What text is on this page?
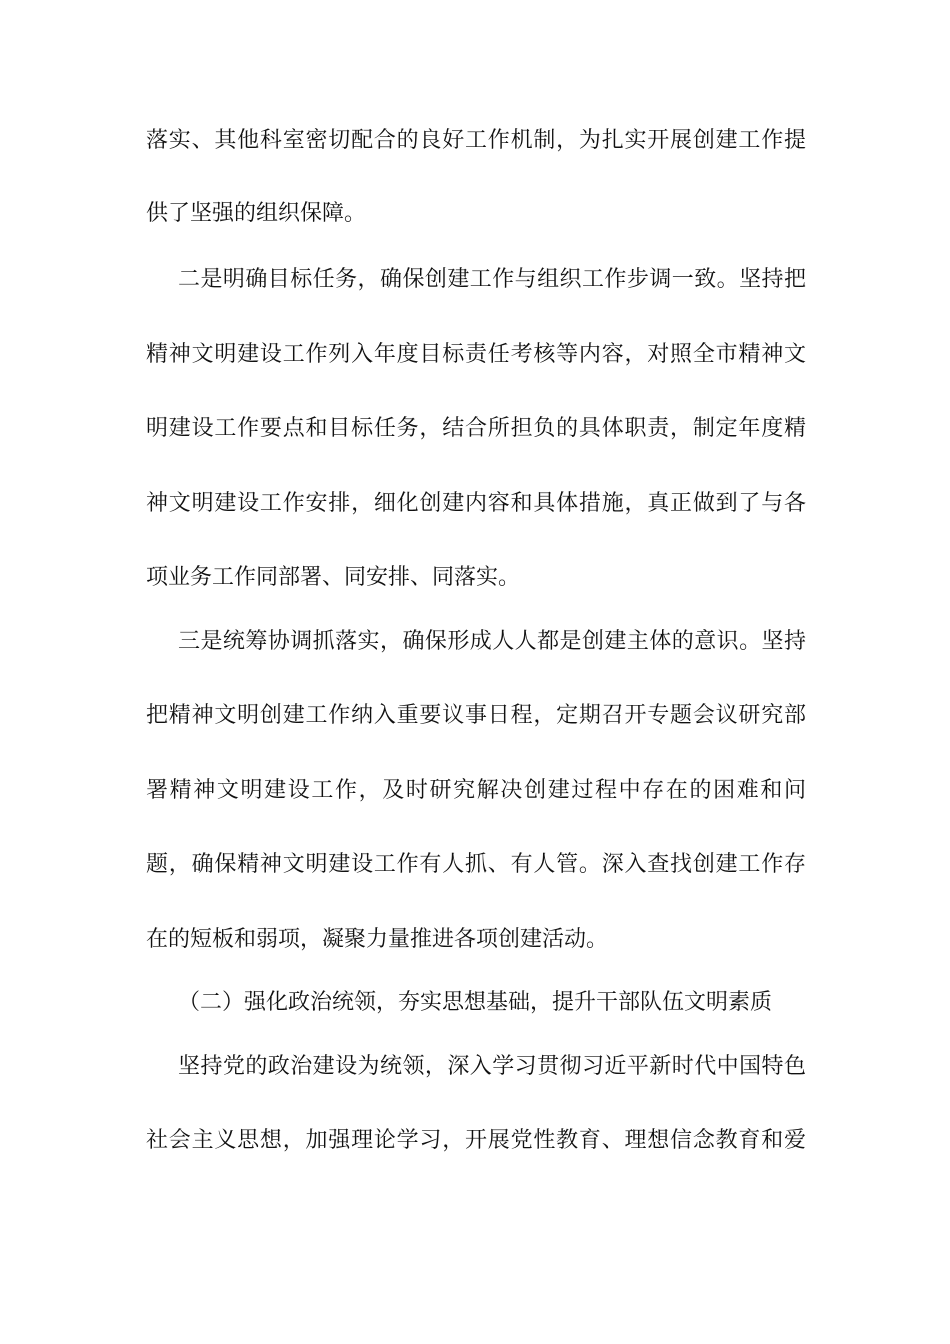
落实、其他科室密切配合的良好工作机制，为扎实开展创建工作提
供了坚强的组织保障。
二是明确目标任务，确保创建工作与组织工作步调一致。坚持把
精神文明建设工作列入年度目标责任考核等内容，对照全市精神文
明建设工作要点和目标任务，结合所担负的具体职责，制定年度精
神文明建设工作安排，细化创建内容和具体措施，真正做到了与各
项业务工作同部署、同安排、同落实。
三是统筹协调抓落实，确保形成人人都是创建主体的意识。坚持
把精神文明创建工作纳入重要议事日程，定期召开专题会议研究部
署精神文明建设工作，及时研究解决创建过程中存在的困难和问
题，确保精神文明建设工作有人抓、有人管。深入查找创建工作存
在的短板和弱项，凝聚力量推进各项创建活动。
（二）强化政治统领，夯实思想基础，提升干部队伍文明素质
坚持党的政治建设为统领，深入学习贯彻习近平新时代中国特色
社会主义思想，加强理论学习，开展党性教育、理想信念教育和爱
